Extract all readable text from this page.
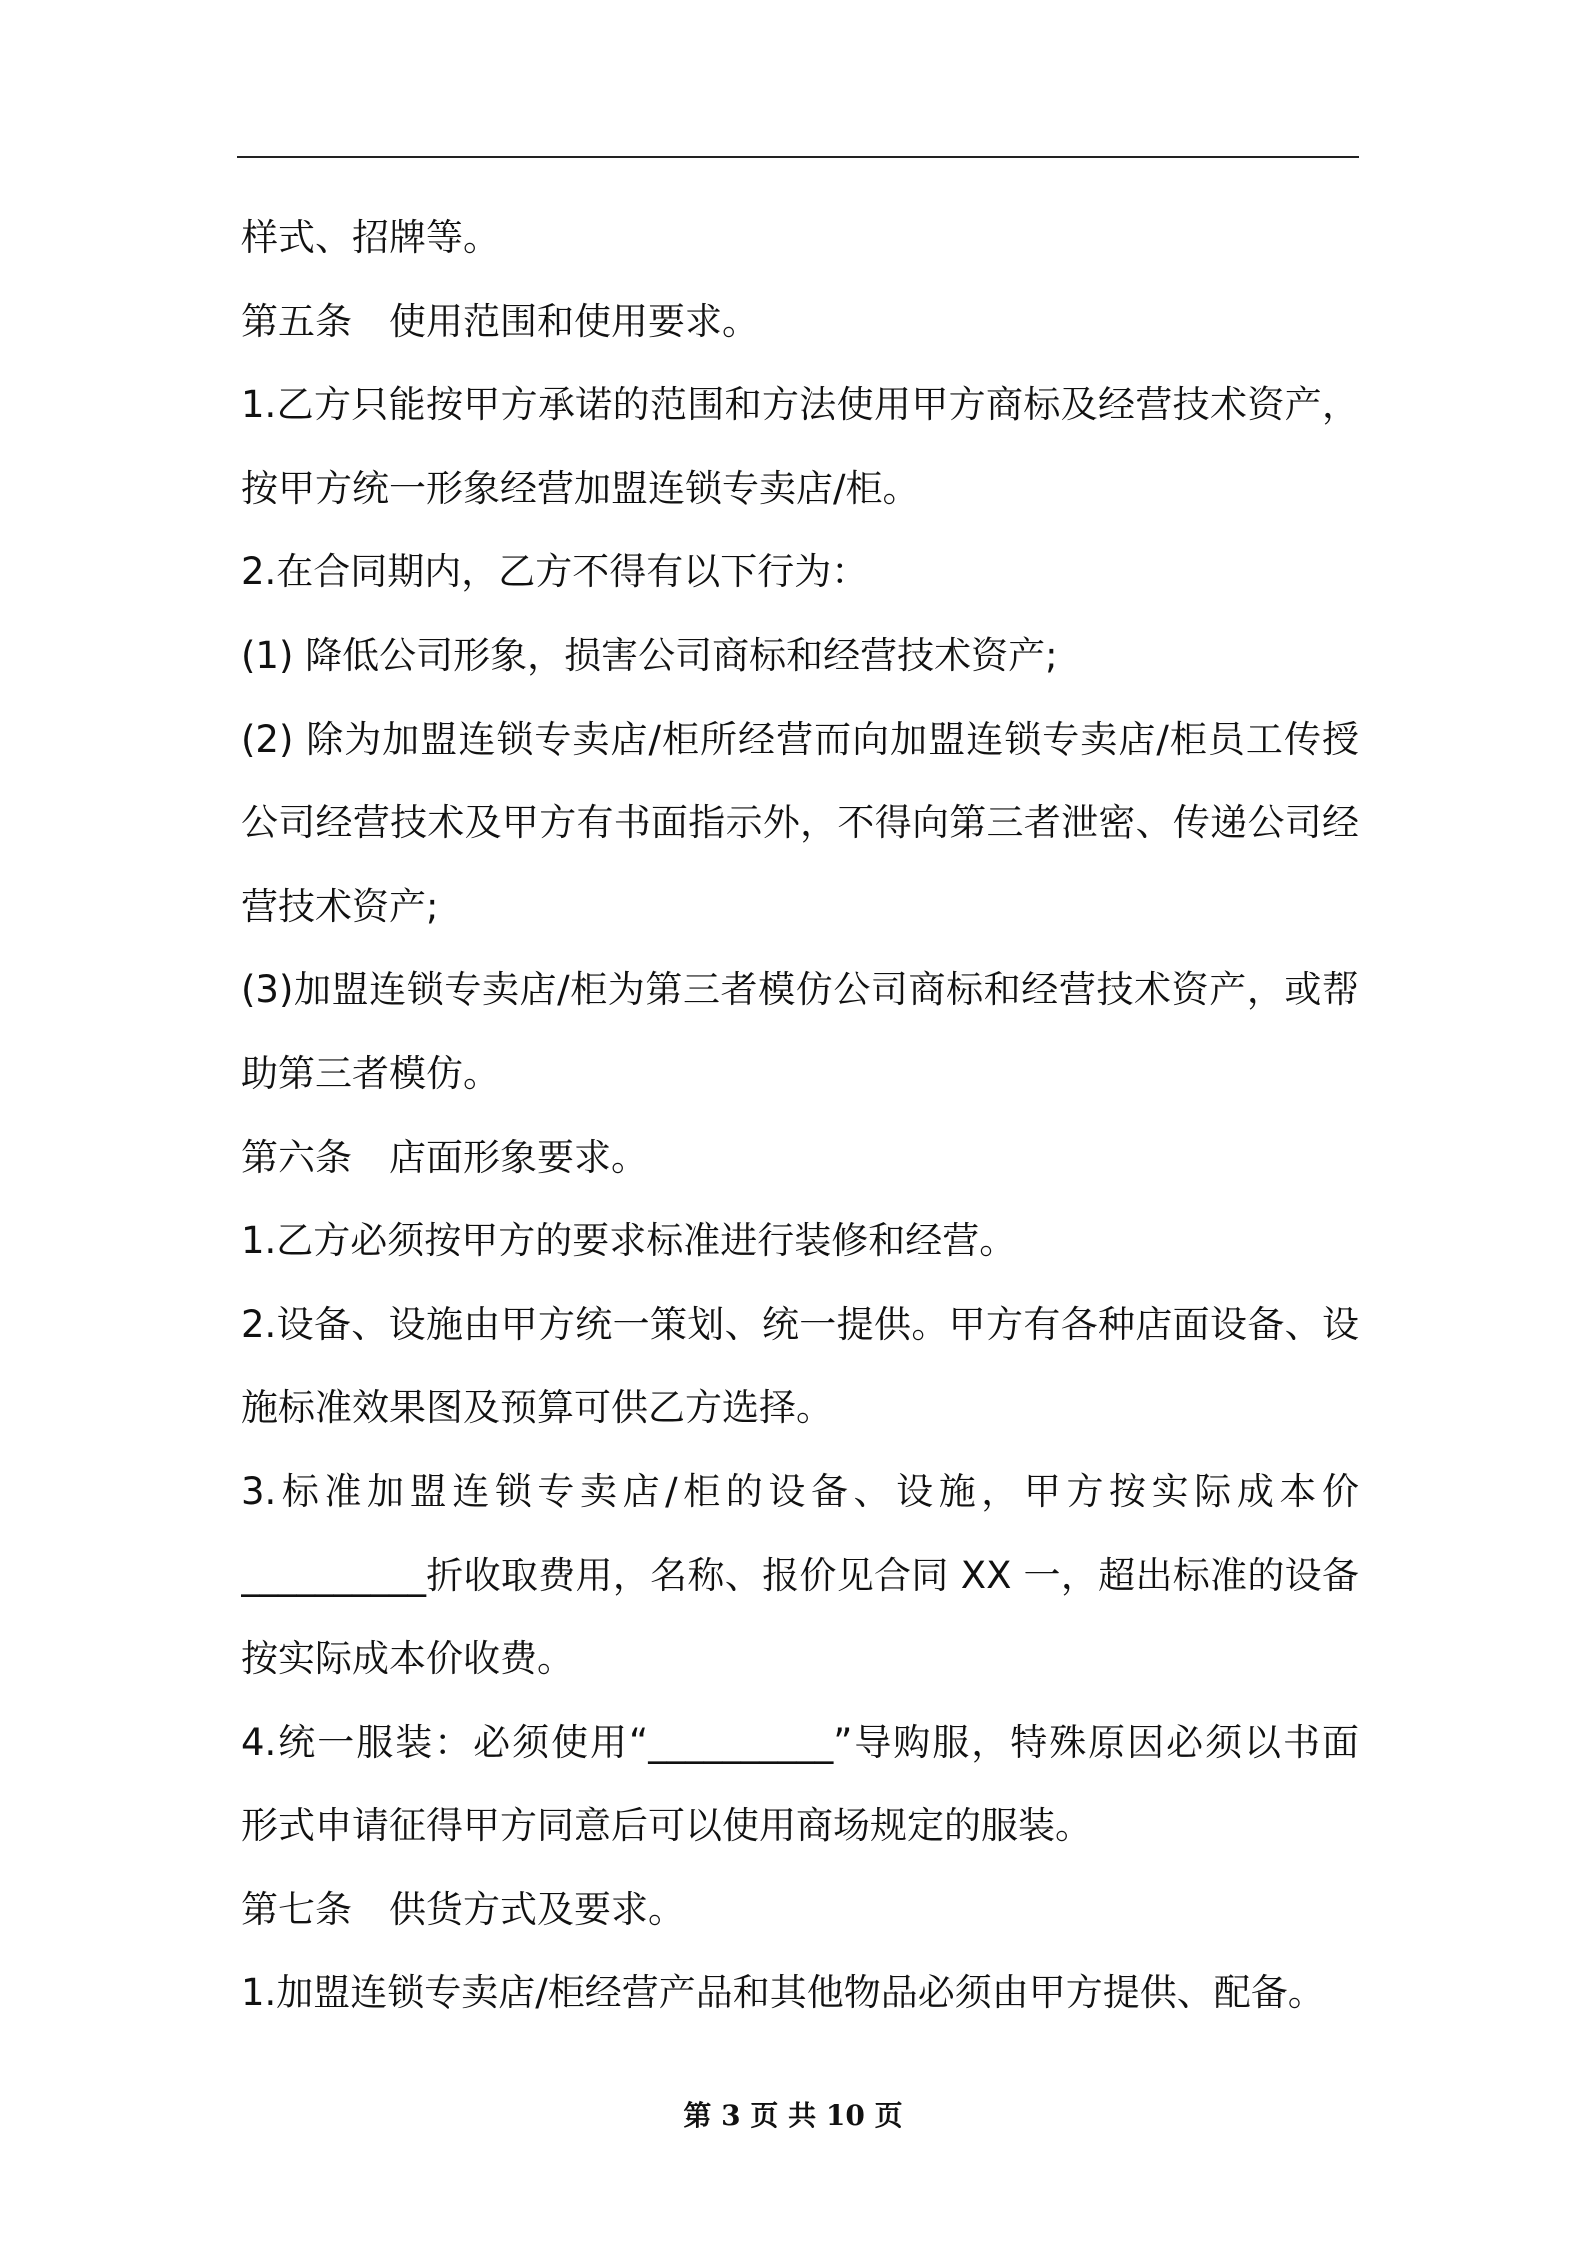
样式、招牌等。
第五条　使用范围和使用要求。
1.乙方只能按甲方承诺的范围和方法使用甲方商标及经营技术资产，
按甲方统一形象经营加盟连锁专卖店/柜。
2.在合同期内，乙方不得有以下行为：
(1) 降低公司形象，损害公司商标和经营技术资产;
(2) 除为加盟连锁专卖店/柜所经营而向加盟连锁专卖店/柜员工传授
公司经营技术及甲方有书面指示外，不得向第三者泄密、传递公司经
营技术资产;
(3)加盟连锁专卖店/柜为第三者模仿公司商标和经营技术资产，或帮
助第三者模仿。
第六条　店面形象要求。
1.乙方必须按甲方的要求标准进行装修和经营。
2.设备、设施由甲方统一策划、统一提供。甲方有各种店面设备、设
施标准效果图及预算可供乙方选择。
3.标准加盟连锁专卖店/柜的设备、设施，甲方按实际成本价
__________折收取费用，名称、报价见合同 XX 一，超出标准的设备
按实际成本价收费。
4.统一服装：必须使用“__________”导购服，特殊原因必须以书面
形式申请征得甲方同意后可以使用商场规定的服装。
第七条　供货方式及要求。
1.加盟连锁专卖店/柜经营产品和其他物品必须由甲方提供、配备。
第 3 页 共 10 页
